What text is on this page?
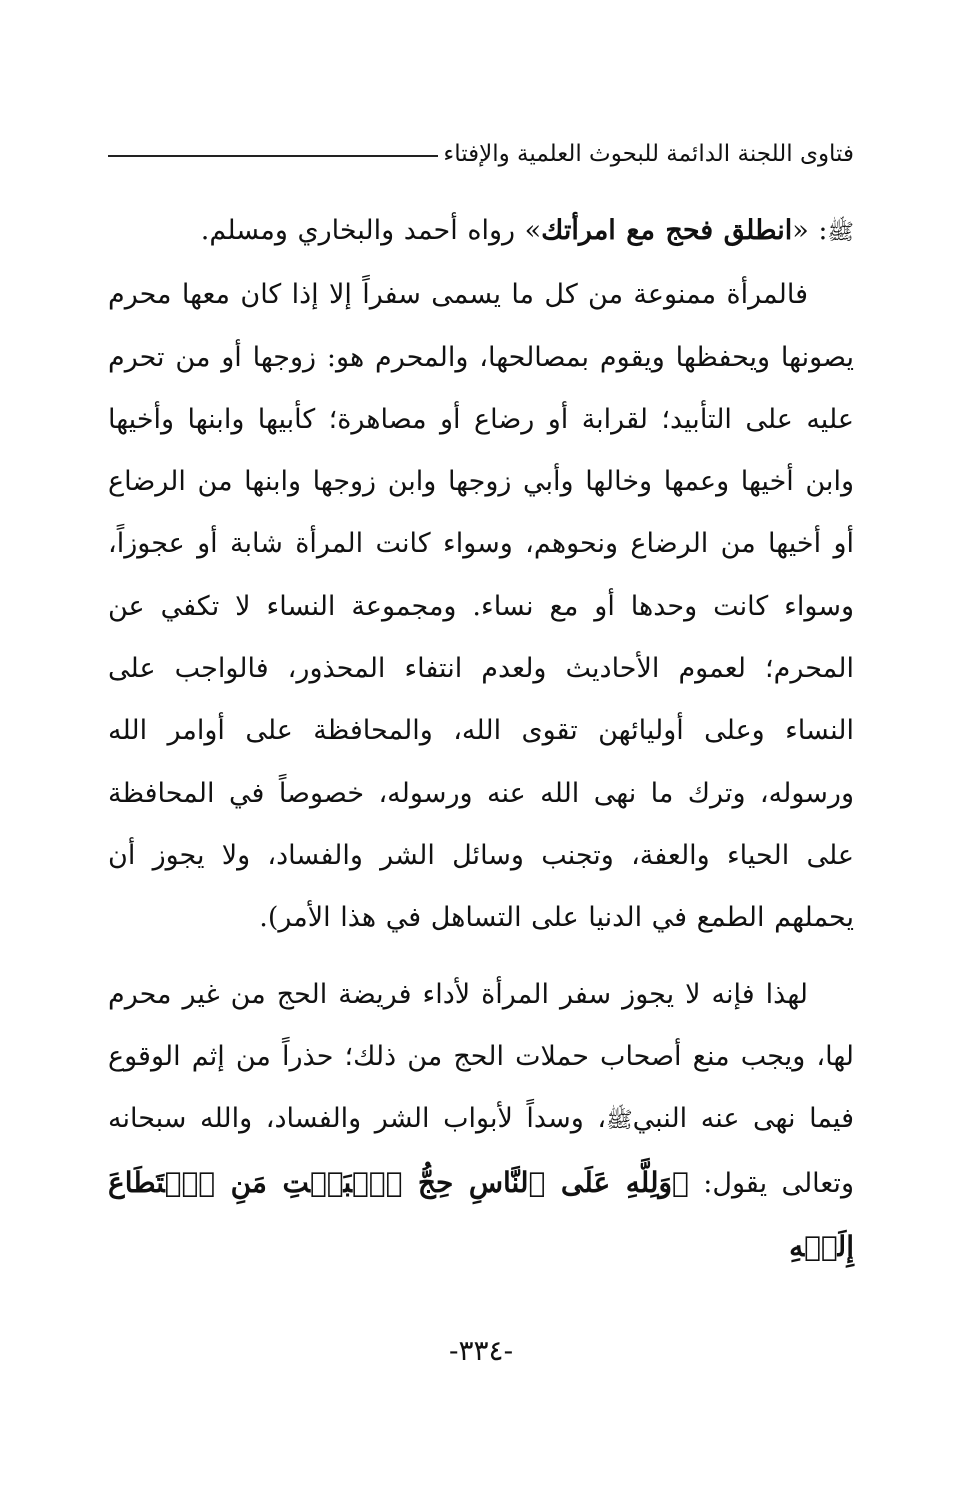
فتاوى اللجنة الدائمة للبحوث العلمية والإفتاء

ﷺ: «انطلق فحج مع امرأتك» رواه أحمد والبخاري ومسلم.

فالمرأة ممنوعة من كل ما يسمى سفراً إلا إذا كان معها محرم يصونها ويحفظها ويقوم بمصالحها، والمحرم هو: زوجها أو من تحرم عليه على التأبيد؛ لقرابة أو رضاع أو مصاهرة؛ كأبيها وابنها وأخيها وابن أخيها وعمها وخالها وأبي زوجها وابن زوجها وابنها من الرضاع أو أخيها من الرضاع ونحوهم، وسواء كانت المرأة شابة أو عجوزاً، وسواء كانت وحدها أو مع نساء. ومجموعة النساء لا تكفي عن المحرم؛ لعموم الأحاديث ولعدم انتفاء المحذور، فالواجب على النساء وعلى أوليائهن تقوى الله، والمحافظة على أوامر الله ورسوله، وترك ما نهى الله عنه ورسوله، خصوصاً في المحافظة على الحياء والعفة، وتجنب وسائل الشر والفساد، ولا يجوز أن يحملهم الطمع في الدنيا على التساهل في هذا الأمر).

لهذا فإنه لا يجوز سفر المرأة لأداء فريضة الحج من غير محرم لها، ويجب منع أصحاب حملات الحج من ذلك؛ حذراً من إثم الوقوع فيما نهى عنه النبيﷺ، وسداً لأبواب الشر والفساد، والله سبحانه وتعالى يقول: ﴿وَلِلَّهِ عَلَى ٱلنَّاسِ حِجُّ ٱلۡبَيۡتِ مَنِ ٱسۡتَطَاعَ إِلَيۡهِ

-٣٣٤-
